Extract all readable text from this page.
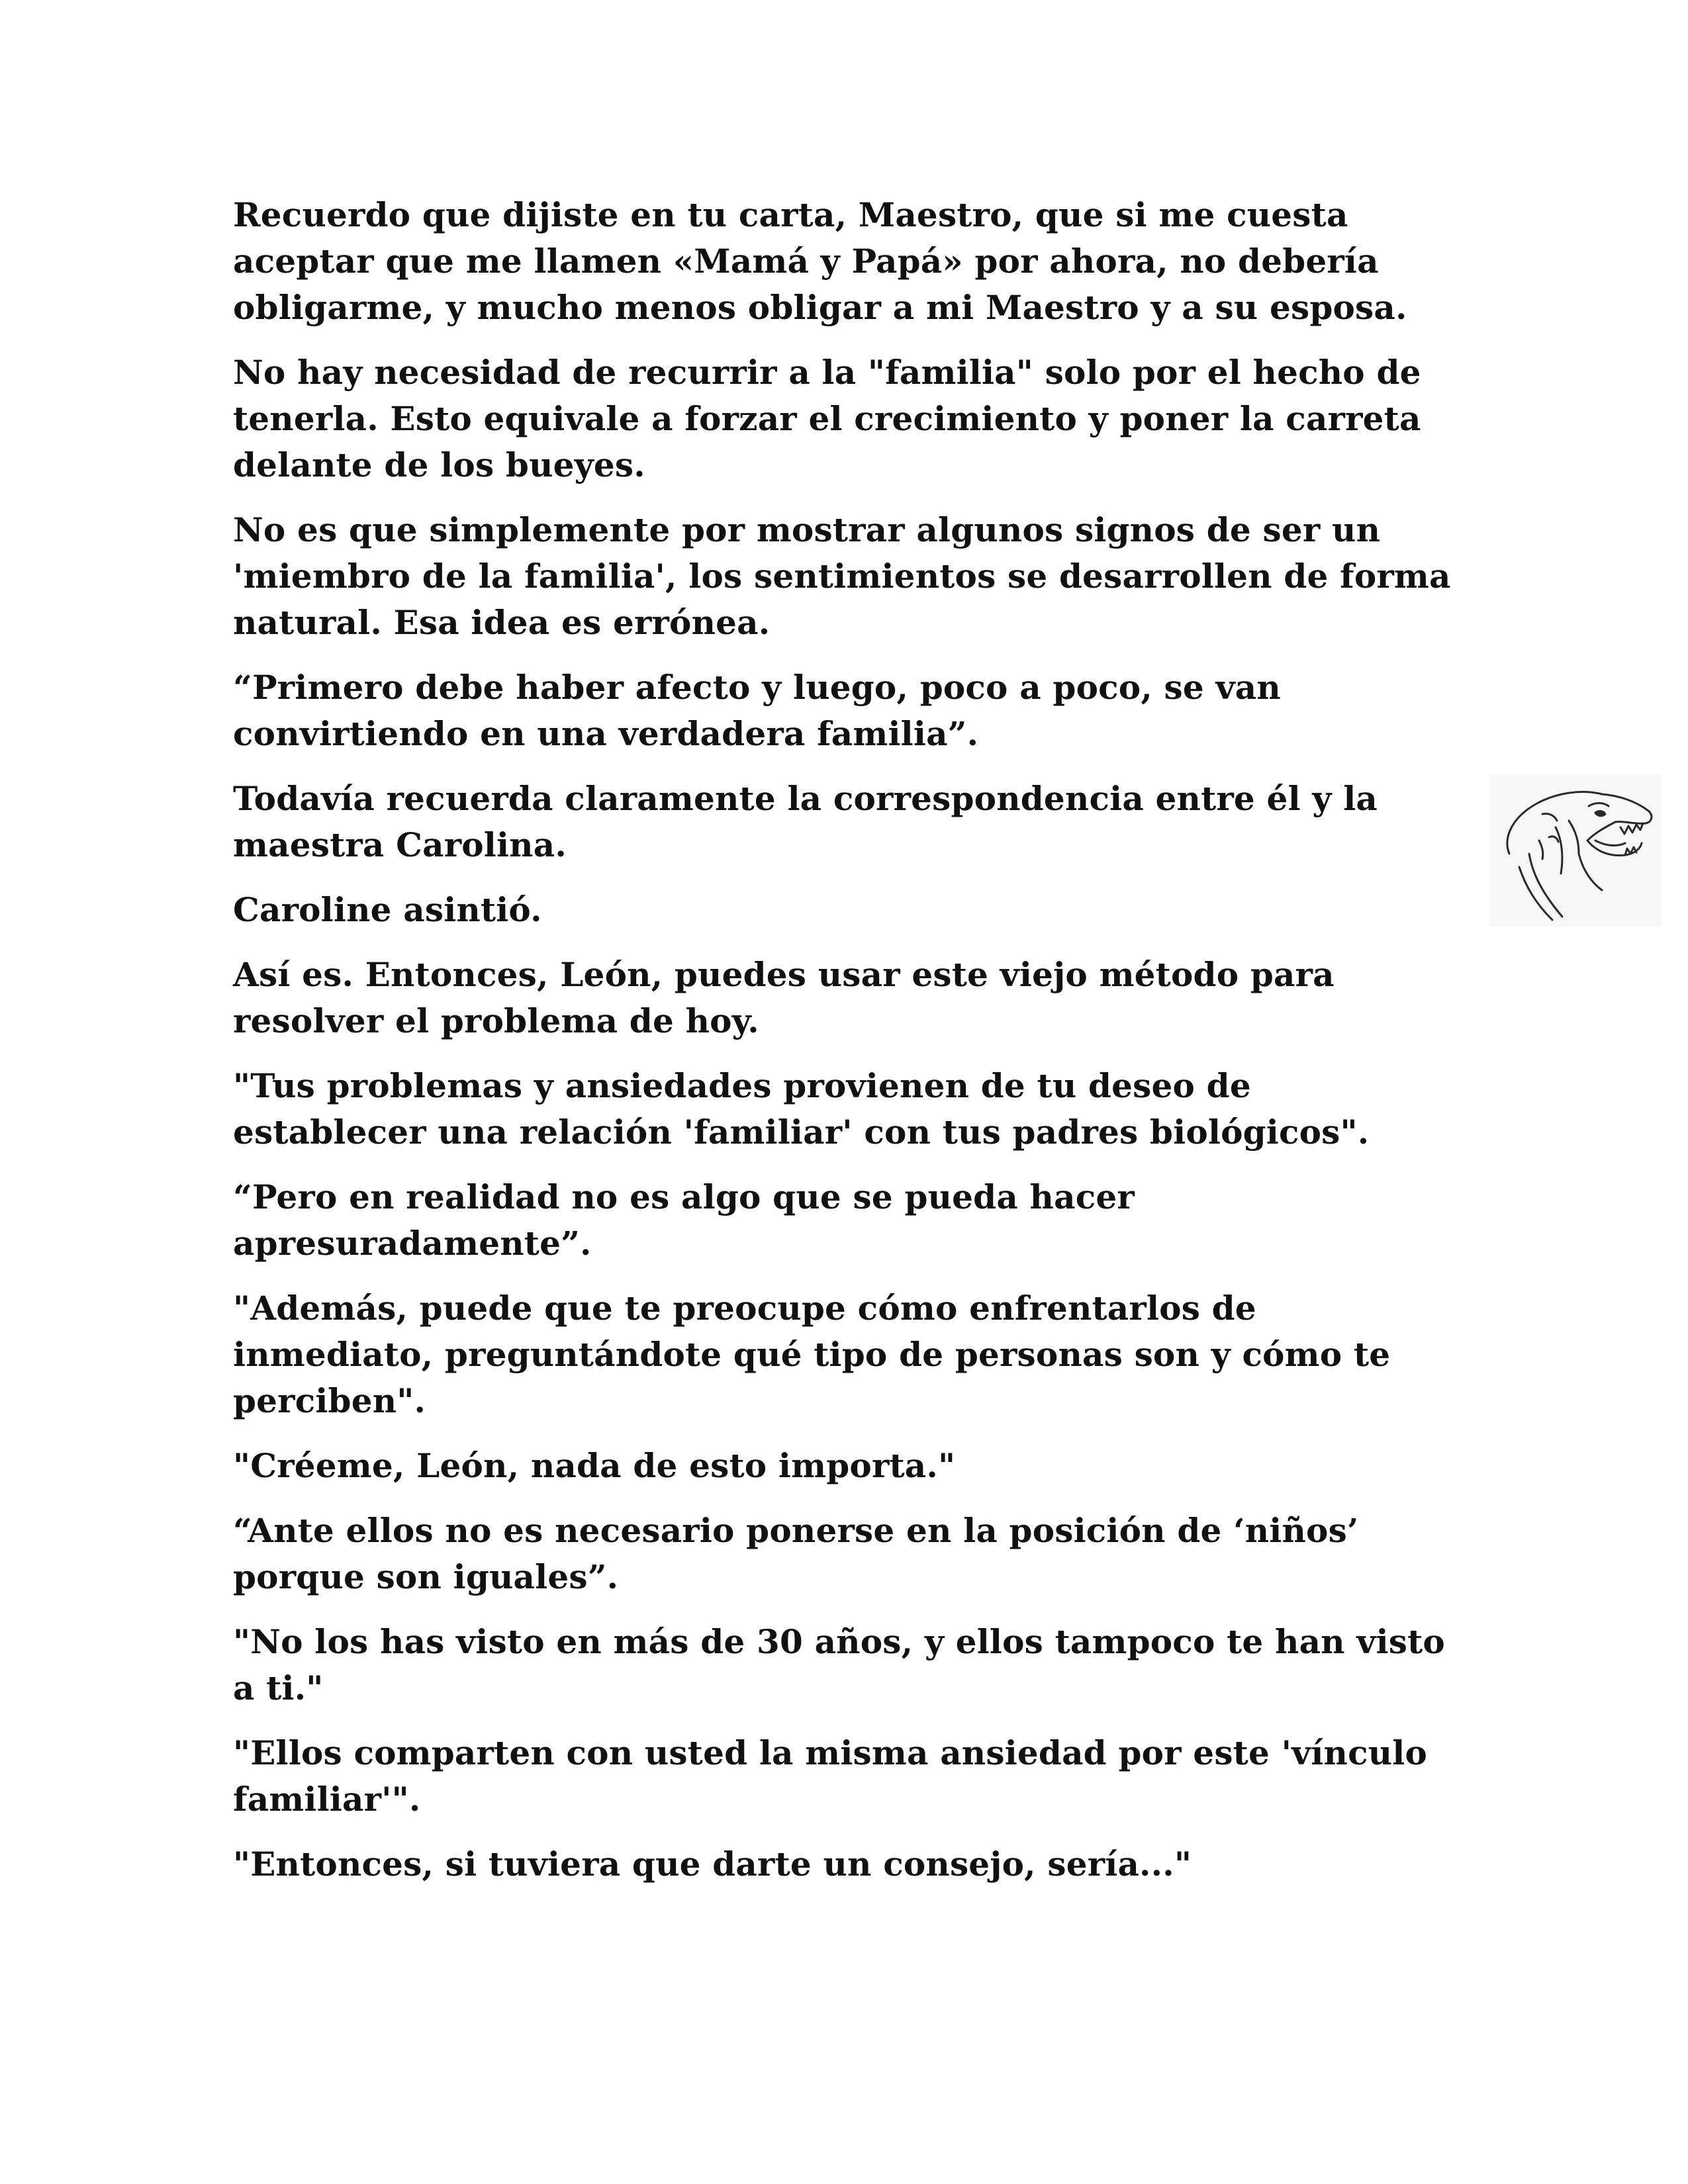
Recuerdo que dijiste en tu carta, Maestro, que si me cuesta aceptar que me llamen «Mamá y Papá» por ahora, no debería obligarme, y mucho menos obligar a mi Maestro y a su esposa.

No hay necesidad de recurrir a la "familia" solo por el hecho de tenerla. Esto equivale a forzar el crecimiento y poner la carreta delante de los bueyes.

No es que simplemente por mostrar algunos signos de ser un 'miembro de la familia', los sentimientos se desarrollen de forma natural. Esa idea es errónea.

“Primero debe haber afecto y luego, poco a poco, se van convirtiendo en una verdadera familia”.

Todavía recuerda claramente la correspondencia entre él y la maestra Carolina.

Caroline asintió.

Así es. Entonces, León, puedes usar este viejo método para resolver el problema de hoy.

"Tus problemas y ansiedades provienen de tu deseo de establecer una relación 'familiar' con tus padres biológicos".

“Pero en realidad no es algo que se pueda hacer apresuradamente”.

"Además, puede que te preocupe cómo enfrentarlos de inmediato, preguntándote qué tipo de personas son y cómo te perciben".

"Créeme, León, nada de esto importa."

“Ante ellos no es necesario ponerse en la posición de ‘niños’ porque son iguales”.

"No los has visto en más de 30 años, y ellos tampoco te han visto a ti."

"Ellos comparten con usted la misma ansiedad por este 'vínculo familiar'".

"Entonces, si tuviera que darte un consejo, sería..."
